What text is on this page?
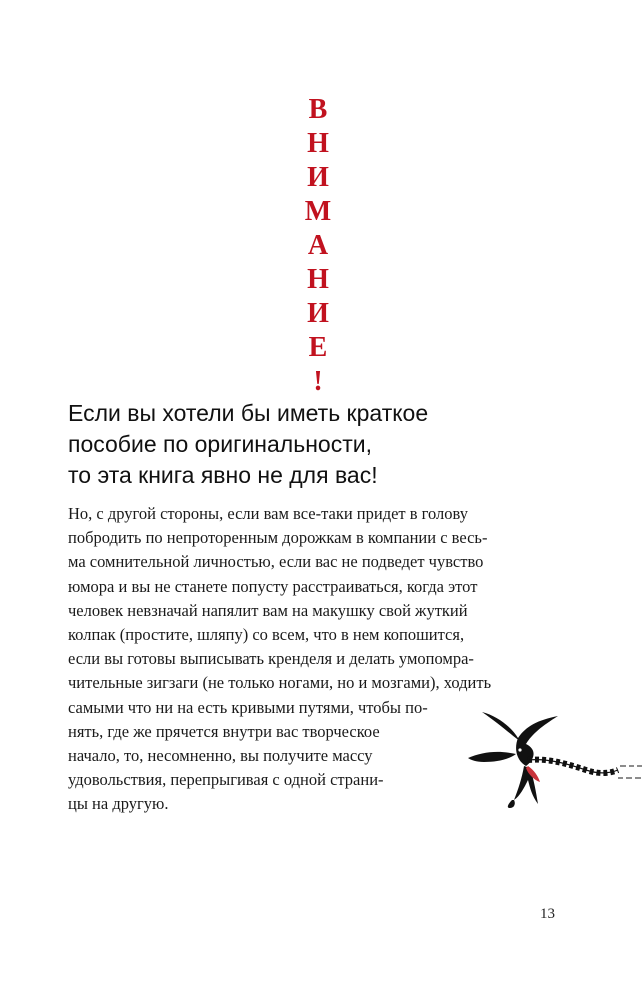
В
Н
И
М
А
Н
И
Е
!
Если вы хотели бы иметь краткое
пособие по оригинальности,
то эта книга явно не для вас!
Но, с другой стороны, если вам все-таки придет в голову
побродить по непроторенным дорожкам в компании с весь-
ма сомнительной личностью, если вас не подведет чувство
юмора и вы не станете попусту расстраиваться, когда этот
человек невзначай напялит вам на макушку свой жуткий
колпак (простите, шляпу) со всем, что в нем копошится,
если вы готовы выписывать кренделя и делать умопомра-
чительные зигзаги (не только ногами, но и мозгами), ходить
самыми что ни на есть кривыми путями, чтобы по-
нять, где же прячется внутри вас творческое
начало, то, несомненно, вы получите массу
удовольствия, перепрыгивая с одной страни-
цы на другую.
13
